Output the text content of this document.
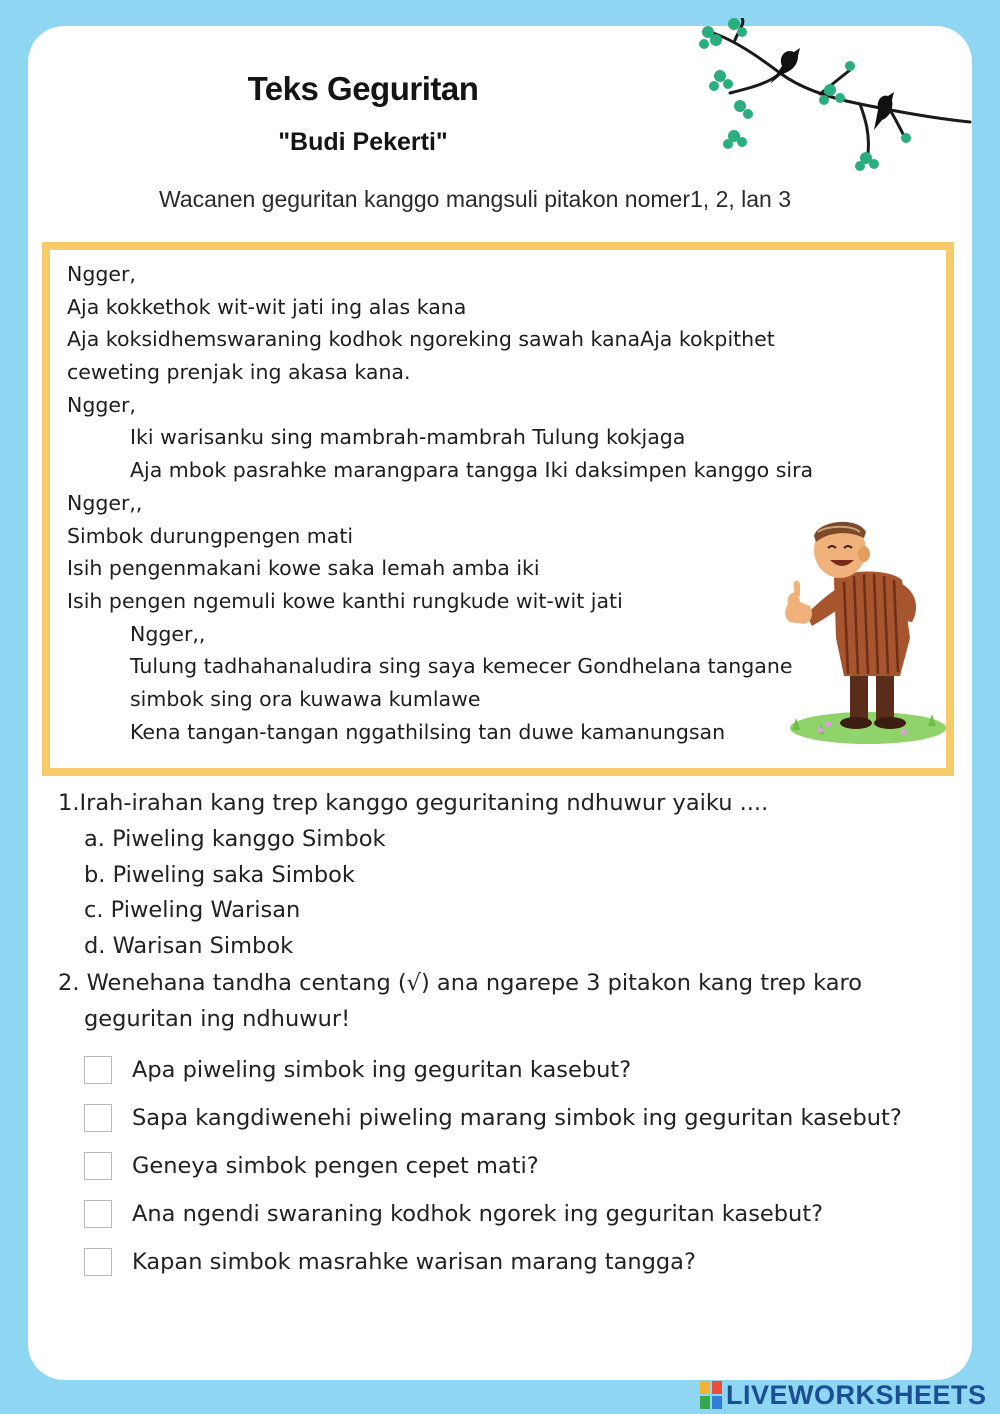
Teks Geguritan
"Budi Pekerti"
Wacanen geguritan kanggo mangsuli pitakon nomer1, 2, lan 3
Ngger,
Aja kokkethok wit-wit jati ing alas kana
Aja koksidhemswaraning kodhok ngoreking sawah kanaAja kokpithet
ceweting prenjak ing akasa kana.
Ngger,
Iki warisanku sing mambrah-mambrah Tulung kokjaga
Aja mbok pasrahke marangpara tangga Iki daksimpen kanggo sira
Ngger,,
Simbok durungpengen mati
Isih pengenmakani kowe saka lemah amba iki
Isih pengen ngemuli kowe kanthi rungkude wit-wit jati
Ngger,,
Tulung tadhahanaludira sing saya kemecer Gondhelana tangane
simbok sing ora kuwawa kumlawe
Kena tangan-tangan nggathilsing tan duwe kamanungsan
1.Irah-irahan kang trep kanggo geguritaning ndhuwur yaiku ....
a. Piweling kanggo Simbok
b. Piweling saka Simbok
c. Piweling Warisan
d. Warisan Simbok
2. Wenehana tandha centang (√) ana ngarepe 3 pitakon kang trep karo
geguritan ing ndhuwur!
Apa piweling simbok ing geguritan kasebut?
Sapa kangdiwenehi piweling marang simbok ing geguritan kasebut?
Geneya simbok pengen cepet mati?
Ana ngendi swaraning kodhok ngorek ing geguritan kasebut?
Kapan simbok masrahke warisan marang tangga?
LIVEWORKSHEETS
